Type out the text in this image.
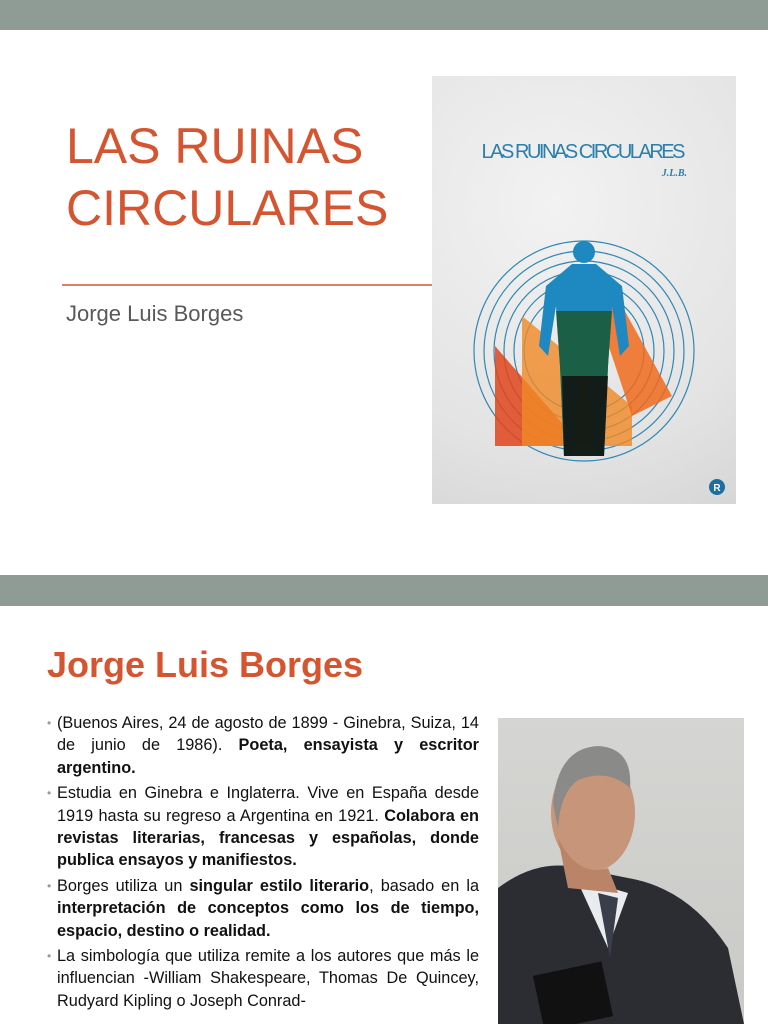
LAS RUINAS
CIRCULARES
Jorge Luis Borges
LAS RUINAS CIRCULARES
J.L.B.
R
Jorge Luis Borges
• (Buenos Aires, 24 de agosto de 1899 - Ginebra, Suiza, 14 de junio de 1986). Poeta, ensayista y escritor argentino.
• Estudia en Ginebra e Inglaterra. Vive en España desde 1919 hasta su regreso a Argentina en 1921. Colabora en revistas literarias, francesas y españolas, donde publica ensayos y manifiestos.
• Borges utiliza un singular estilo literario, basado en la interpretación de conceptos como los de tiempo, espacio, destino o realidad.
• La simbología que utiliza remite a los autores que más le influencian -William Shakespeare, Thomas De Quincey, Rudyard Kipling o Joseph Conrad-
